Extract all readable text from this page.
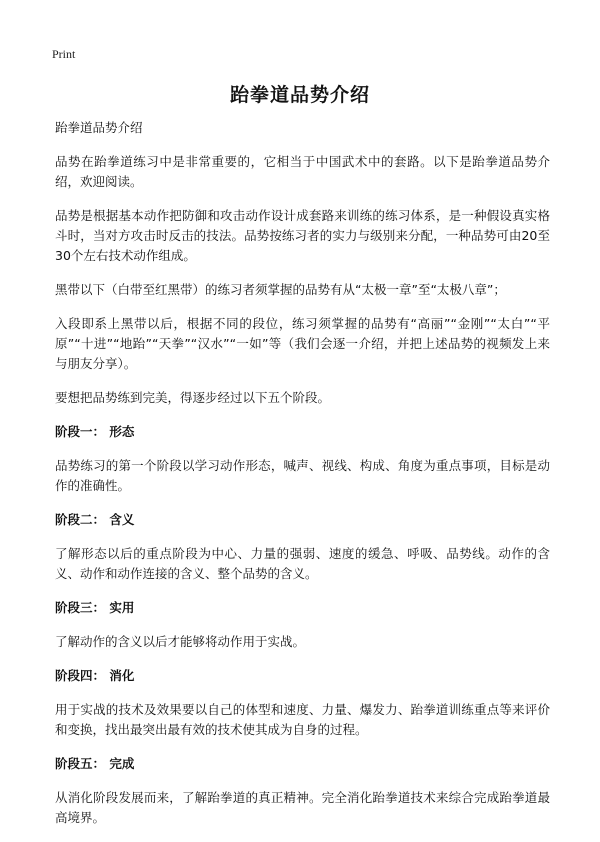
Print
跆拳道品势介绍

跆拳道品势介绍

品势在跆拳道练习中是非常重要的，它相当于中国武术中的套路。以下是跆拳道品势介绍，欢迎阅读。

品势是根据基本动作把防御和攻击动作设计成套路来训练的练习体系，是一种假设真实格斗时，当对方攻击时反击的技法。品势按练习者的实力与级别来分配，一种品势可由20至30个左右技术动作组成。

黑带以下（白带至红黑带）的练习者须掌握的品势有从“太极一章”至“太极八章”；

入段即系上黑带以后，根据不同的段位，练习须掌握的品势有“高丽”“金刚”“太白”“平原”“十进”“地跆”“天拳”“汉水”“一如”等（我们会逐一介绍，并把上述品势的视频发上来与朋友分享）。

要想把品势练到完美，得逐步经过以下五个阶段。

阶段一： 形态

品势练习的第一个阶段以学习动作形态，喊声、视线、构成、角度为重点事项，目标是动作的准确性。

阶段二： 含义

了解形态以后的重点阶段为中心、力量的强弱、速度的缓急、呼吸、品势线。动作的含义、动作和动作连接的含义、整个品势的含义。

阶段三： 实用

了解动作的含义以后才能够将动作用于实战。

阶段四： 消化

用于实战的技术及效果要以自己的体型和速度、力量、爆发力、跆拳道训练重点等来评价和变换，找出最突出最有效的技术使其成为自身的过程。

阶段五： 完成

从消化阶段发展而来，了解跆拳道的真正精神。完全消化跆拳道技术来综合完成跆拳道最高境界。
